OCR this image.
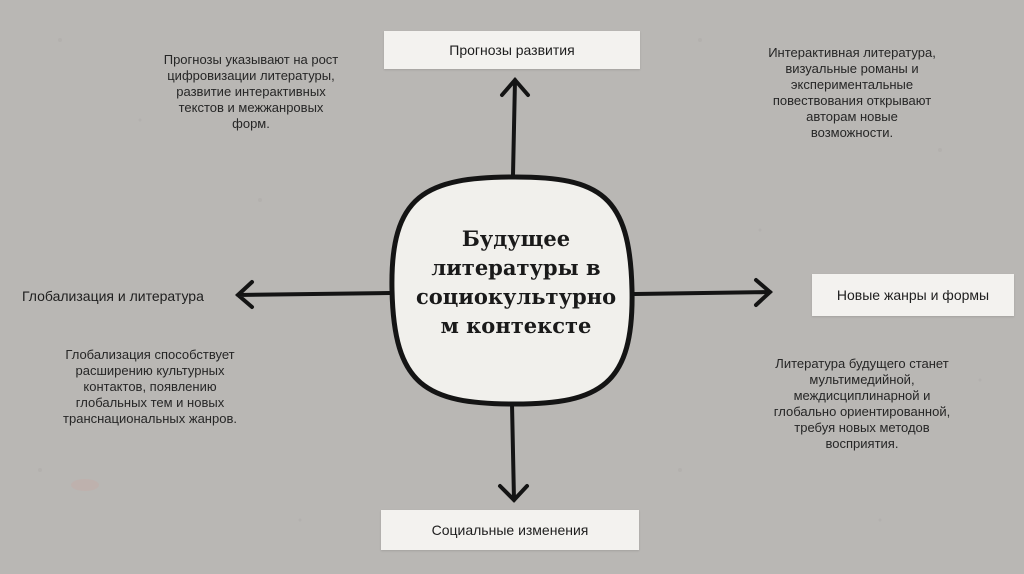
Будущее литературы в социокультурно м контексте
Прогнозы развития
Глобализация и литература	Новые жанры и формы
Социальные изменения
Прогнозы указывают на рост цифровизации литературы, развитие интерактивных текстов и межжанровых форм.
Интерактивная литература, визуальные романы и экспериментальные повествования открывают авторам новые возможности.
Глобализация способствует расширению культурных контактов, появлению глобальных тем и новых транснациональных жанров.
Литература будущего станет мультимедийной, междисциплинарной и глобально ориентированной, требуя новых методов восприятия.
